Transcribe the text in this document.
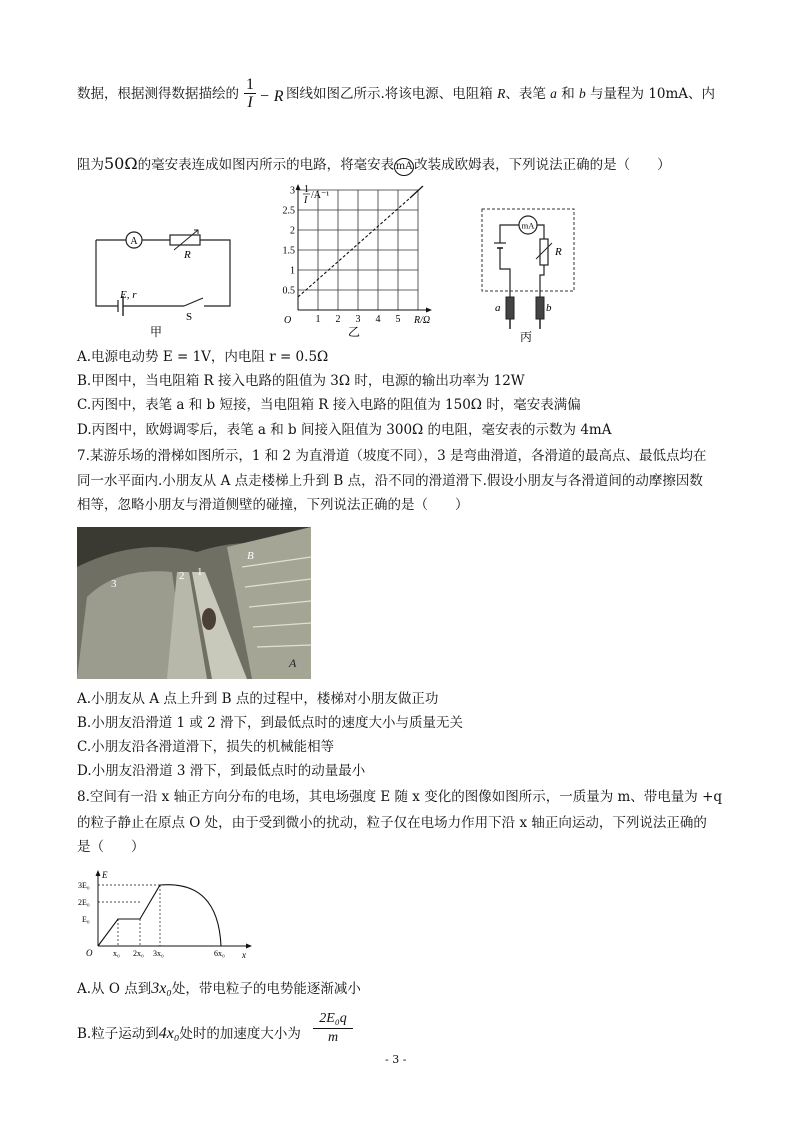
数据，根据测得数据描绘的 $\frac{1}{I} - R$ 图线如图乙所示.将该电源、电阻箱 R、表笔 a 和 b 与量程为 10mA、内
阻为50Ω的毫安表连成如图丙所示的电路，将毫安表 mA 改装成欧姆表，下列说法正确的是（　　）
A
R
E, r
S
甲
1
I /A⁻¹
0.5
1
1.5
2
2.5
3
1 2 3 4 5 R/Ω
O
乙
mA
R
a	b
丙
A.电源电动势 E = 1V，内电阻 r = 0.5Ω
B.甲图中，当电阻箱 R 接入电路的阻值为 3Ω 时，电源的输出功率为 12W
C.丙图中，表笔 a 和 b 短接，当电阻箱 R 接入电路的阻值为 150Ω 时，毫安表满偏
D.丙图中，欧姆调零后，表笔 a 和 b 间接入阻值为 300Ω 的电阻，毫安表的示数为 4mA
7.某游乐场的滑梯如图所示，1 和 2 为直滑道（坡度不同），3 是弯曲滑道，各滑道的最高点、最低点均在
同一水平面内.小朋友从 A 点走楼梯上升到 B 点，沿不同的滑道滑下.假设小朋友与各滑道间的动摩擦因数
相等，忽略小朋友与滑道侧壁的碰撞，下列说法正确的是（　　）
3
2 1
B
A
A.小朋友从 A 点上升到 B 点的过程中，楼梯对小朋友做正功
B.小朋友沿滑道 1 或 2 滑下，到最低点时的速度大小与质量无关
C.小朋友沿各滑道滑下，损失的机械能相等
D.小朋友沿滑道 3 滑下，到最低点时的动量最小
8.空间有一沿 x 轴正方向分布的电场，其电场强度 E 随 x 变化的图像如图所示，一质量为 m、带电量为 +q
的粒子静止在原点 O 处，由于受到微小的扰动，粒子仅在电场力作用下沿 x 轴正向运动，下列说法正确的
是（　　）
E
x
O
3E₀
2E₀
E₀
x₀ 2x₀ 3x₀	6x₀
A.从 O 点到3x₀处，带电粒子的电势能逐渐减小
B.粒子运动到4x₀处时的加速度大小为 $\frac{\text{2E₀q}}{m}$
- 3 -
